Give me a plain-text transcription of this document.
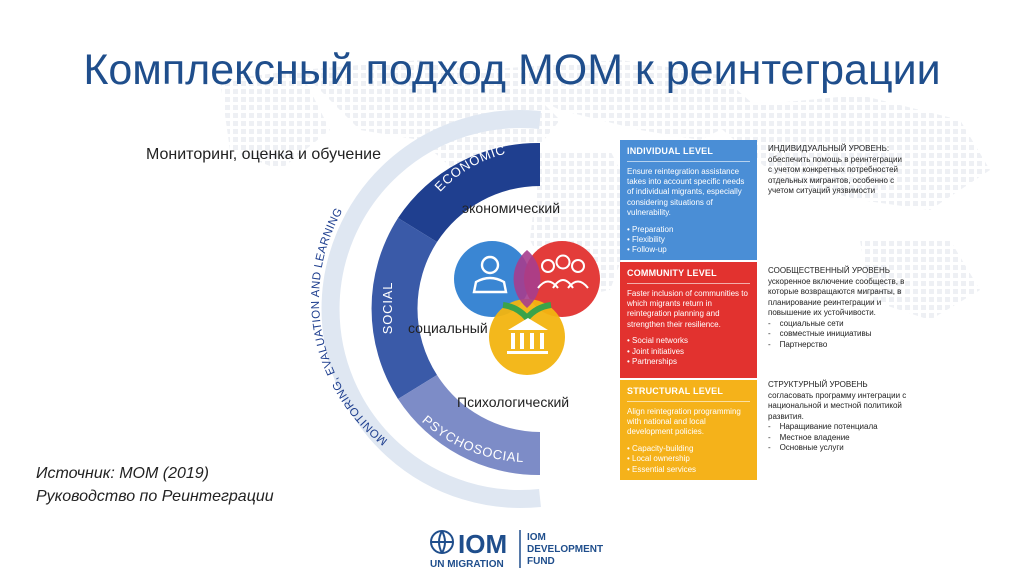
Комплексный подход МОМ к реинтеграции
Мониторинг, оценка и обучение
MONITORING, EVALUATION AND LEARNING
ECONOMIC
SOCIAL
PSYCHOSOCIAL
экономический
социальный
Психологический
INDIVIDUAL LEVEL
Ensure reintegration assistance takes into account specific needs of individual migrants, especially considering situations of vulnerability.
• Preparation
• Flexibility
• Follow-up
COMMUNITY LEVEL
Faster inclusion of communities to which migrants return in reintegration planning and strengthen their resilience.
• Social networks
• Joint initiatives
• Partnerships
STRUCTURAL LEVEL
Align reintegration programming with national and local development policies.
• Capacity-building
• Local ownership
• Essential services
ИНДИВИДУАЛЬНЫЙ УРОВЕНЬ:
обеспечить помощь в реинтеграции с учетом конкретных потребностей отдельных мигрантов, особенно с учетом ситуаций уязвимости
СООБЩЕСТВЕННЫЙ УРОВЕНЬ
ускоренное включение сообществ, в которые возвращаются мигранты, в планирование реинтеграции и повышение их устойчивости.
- социальные сети
- совместные инициативы
- Партнерство
СТРУКТУРНЫЙ УРОВЕНЬ
согласовать программу интеграции с национальной и местной политикой развития.
- Наращивание потенциала
- Местное владение
- Основные услуги
Источник: МОМ (2019)
Руководство по Реинтеграции
IOM
UN MIGRATION
IOM
DEVELOPMENT
FUND
